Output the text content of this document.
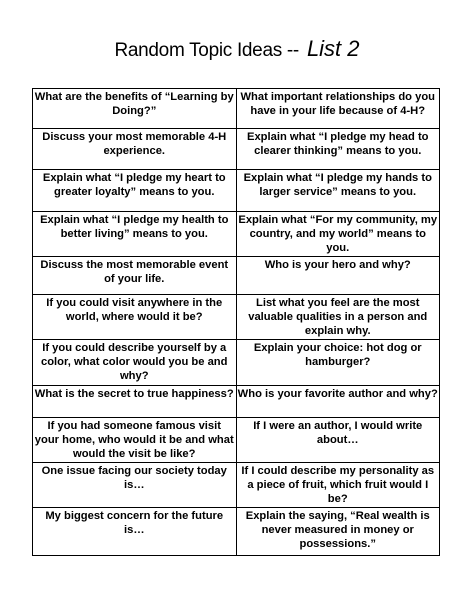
Random Topic Ideas -- List 2
What are the benefits of “Learning by Doing?”	What important relationships do you have in your life because of 4-H?
Discuss your most memorable 4-H experience.	Explain what “I pledge my head to clearer thinking” means to you.
Explain what “I pledge my heart to greater loyalty” means to you.	Explain what “I pledge my hands to larger service” means to you.
Explain what “I pledge my health to better living” means to you.	Explain what “For my community, my country, and my world” means to you.
Discuss the most memorable event of your life.	Who is your hero and why?
If you could visit anywhere in the world, where would it be?	List what you feel are the most valuable qualities in a person and explain why.
If you could describe yourself by a color, what color would you be and why?	Explain your choice: hot dog or hamburger?
What is the secret to true happiness?	Who is your favorite author and why?
If you had someone famous visit your home, who would it be and what would the visit be like?	If I were an author, I would write about…
One issue facing our society today is…	If I could describe my personality as a piece of fruit, which fruit would I be?
My biggest concern for the future is…	Explain the saying, “Real wealth is never measured in money or possessions.”
